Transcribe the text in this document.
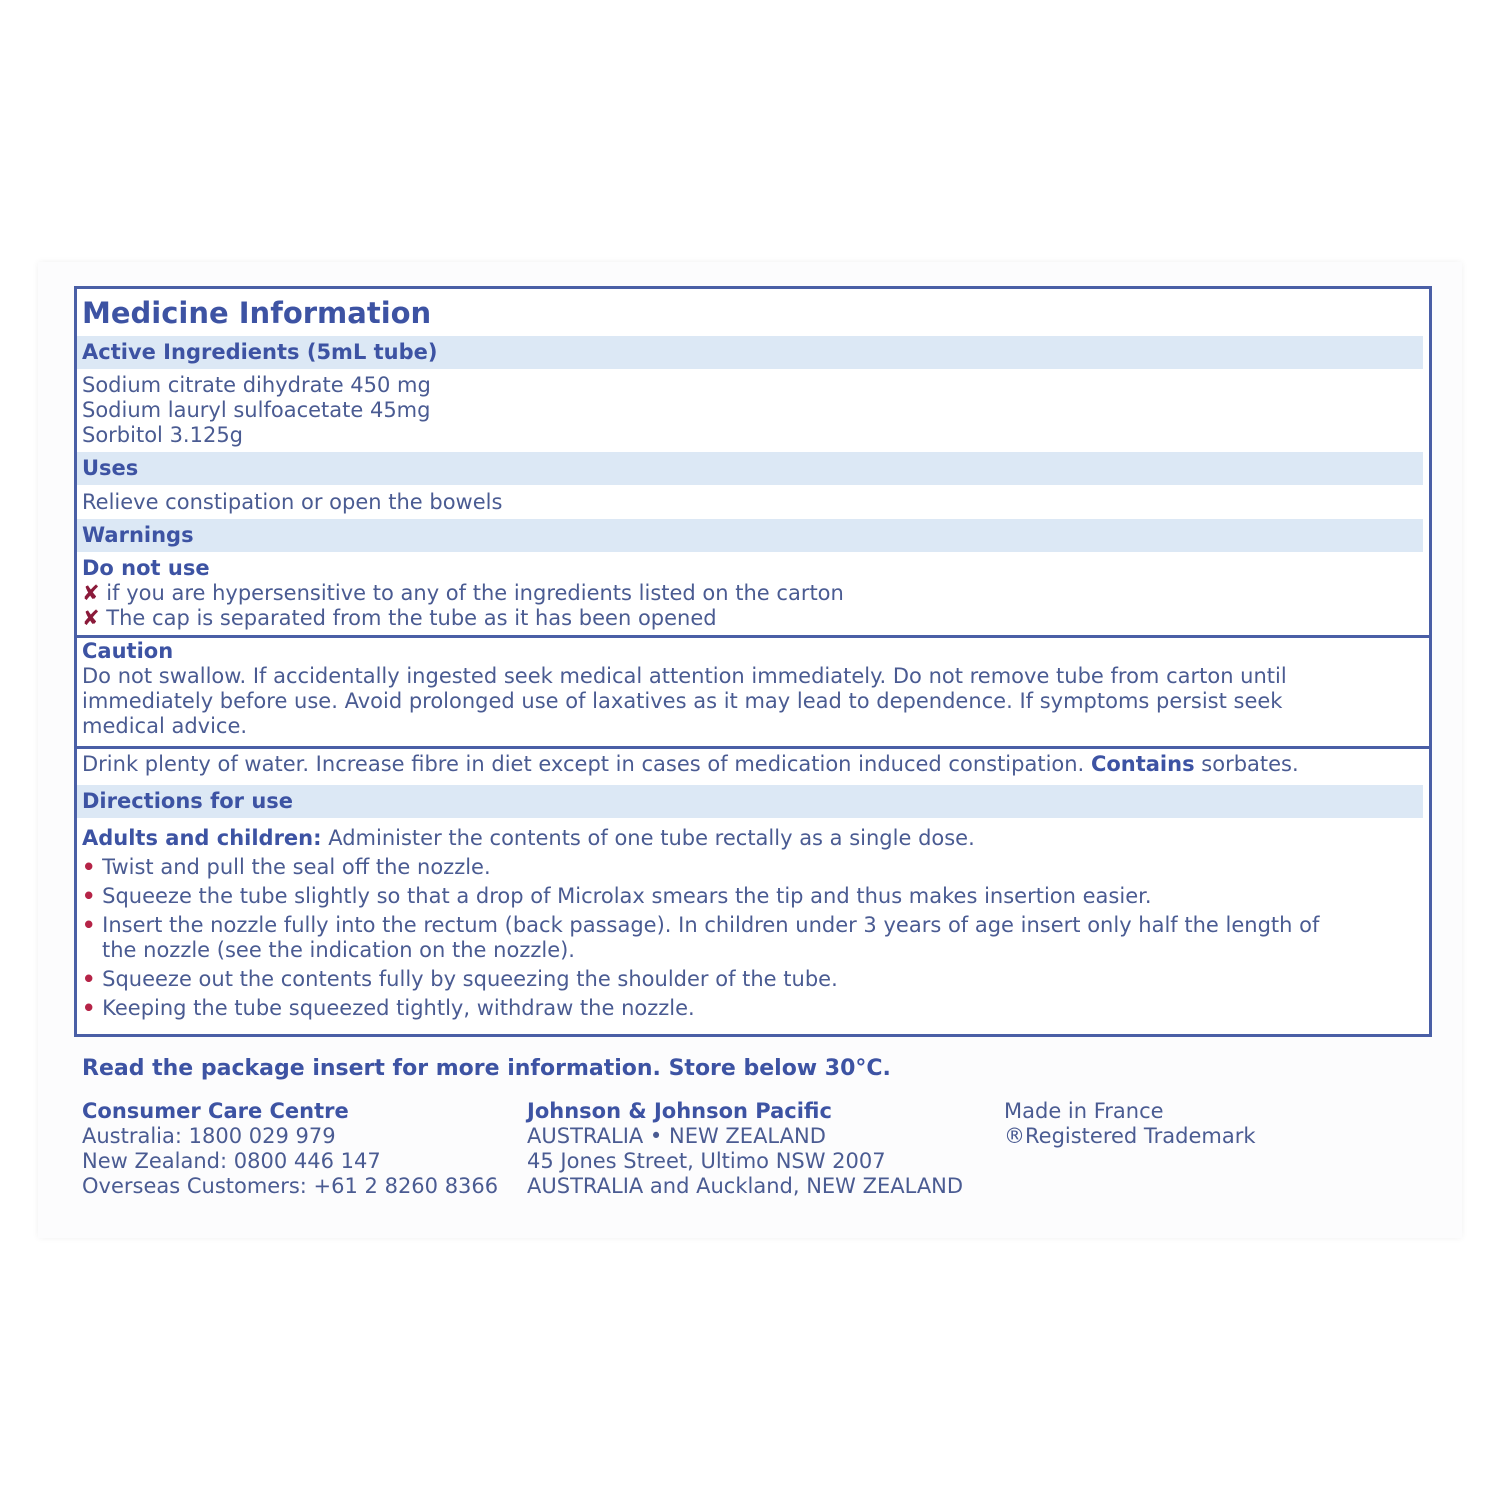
Medicine Information
Active Ingredients (5mL tube)
Sodium citrate dihydrate 450 mg
Sodium lauryl sulfoacetate 45mg
Sorbitol 3.125g
Uses
Relieve constipation or open the bowels
Warnings
Do not use
✘ if you are hypersensitive to any of the ingredients listed on the carton
✘ The cap is separated from the tube as it has been opened
Caution
Do not swallow. If accidentally ingested seek medical attention immediately. Do not remove tube from carton until
immediately before use. Avoid prolonged use of laxatives as it may lead to dependence. If symptoms persist seek
medical advice.
Drink plenty of water. Increase fibre in diet except in cases of medication induced constipation. Contains sorbates.
Directions for use
Adults and children: Administer the contents of one tube rectally as a single dose.
• Twist and pull the seal off the nozzle.
• Squeeze the tube slightly so that a drop of Microlax smears the tip and thus makes insertion easier.
• Insert the nozzle fully into the rectum (back passage). In children under 3 years of age insert only half the length of
the nozzle (see the indication on the nozzle).
• Squeeze out the contents fully by squeezing the shoulder of the tube.
• Keeping the tube squeezed tightly, withdraw the nozzle.
Read the package insert for more information. Store below 30°C.
Consumer Care Centre
Australia: 1800 029 979
New Zealand: 0800 446 147
Overseas Customers: +61 2 8260 8366
Johnson & Johnson Pacific
AUSTRALIA • NEW ZEALAND
45 Jones Street, Ultimo NSW 2007
AUSTRALIA and Auckland, NEW ZEALAND
Made in France
®Registered Trademark
